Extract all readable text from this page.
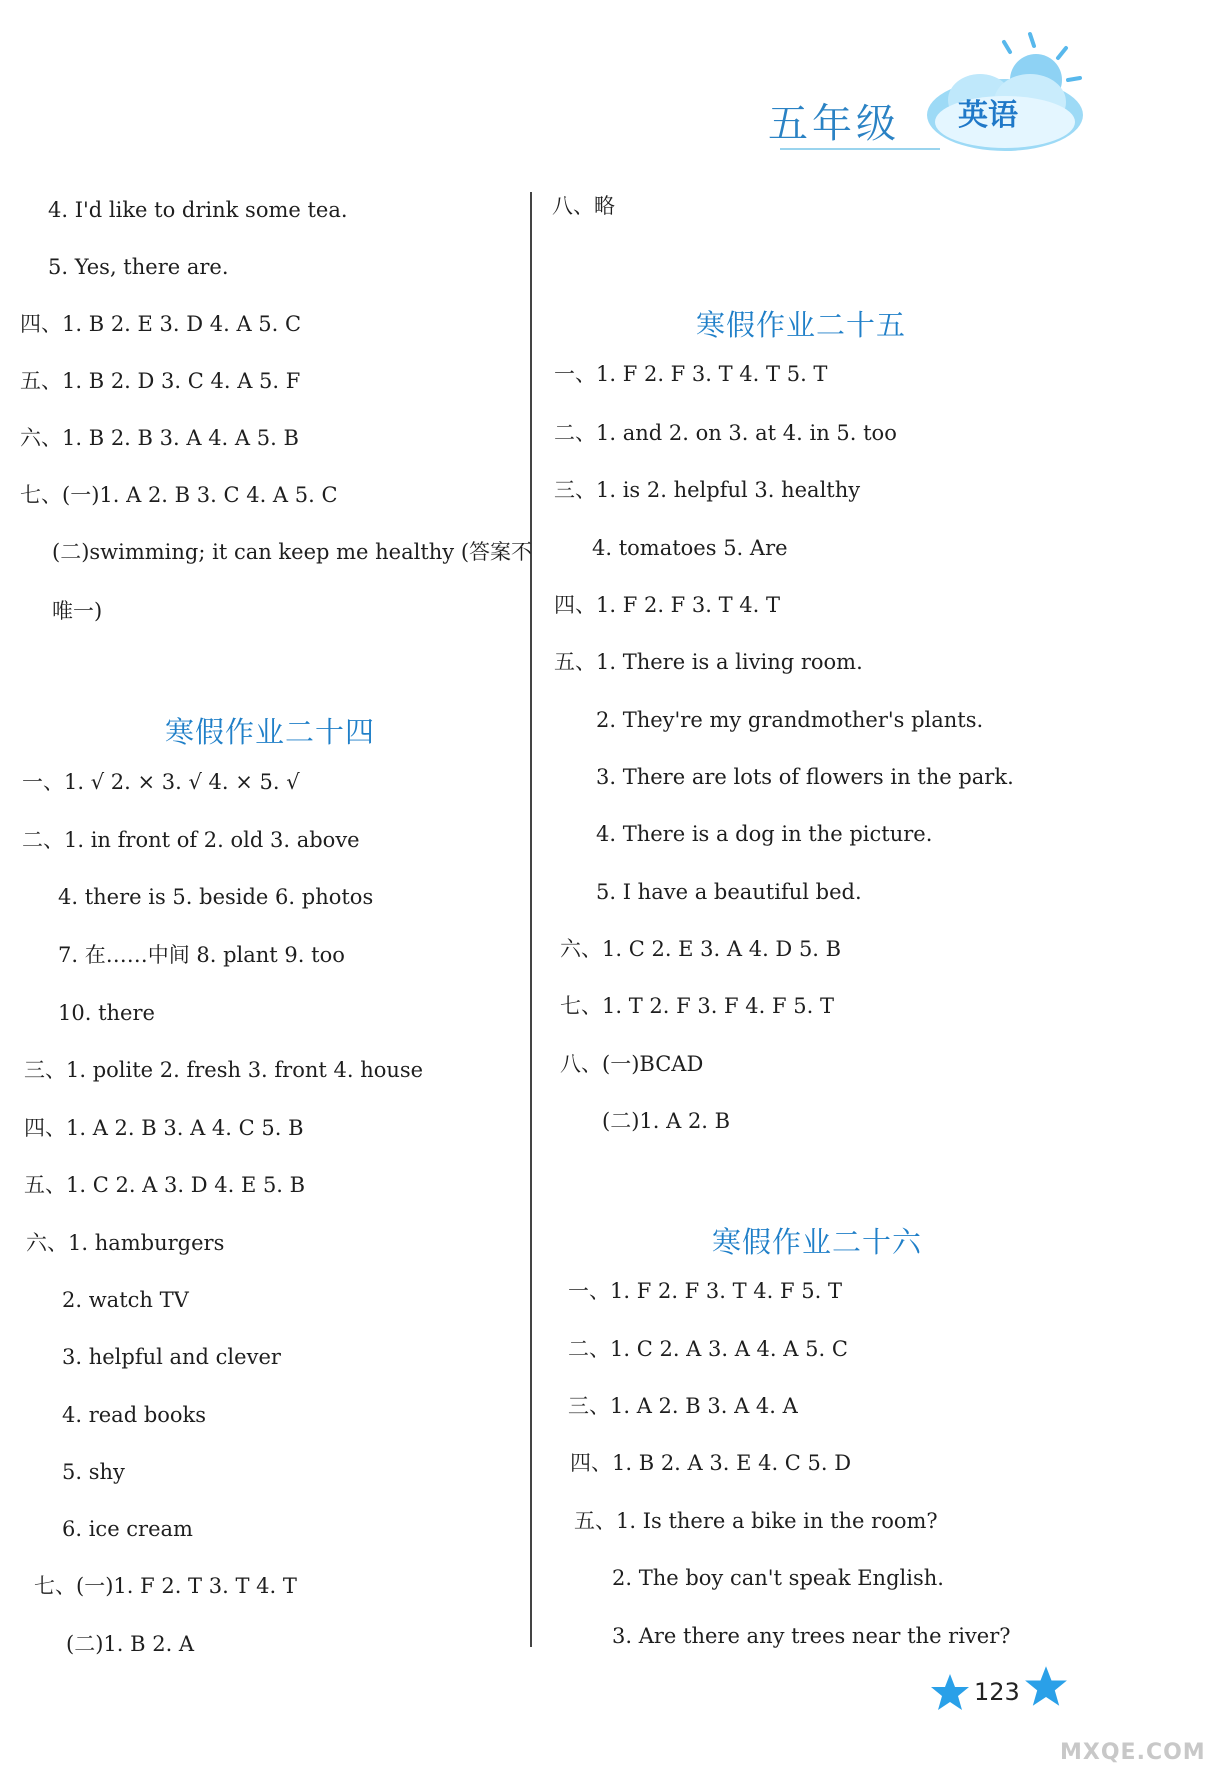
五年级 英语
4. I'd like to drink some tea.
5. Yes, there are.
四、1. B 2. E 3. D 4. A 5. C
五、1. B 2. D 3. C 4. A 5. F
六、1. B 2. B 3. A 4. A 5. B
七、(一)1. A 2. B 3. C 4. A 5. C
(二)swimming; it can keep me healthy (答案不
唯一)
寒假作业二十四
一、1. √ 2. × 3. √ 4. × 5. √
二、1. in front of 2. old 3. above
4. there is 5. beside 6. photos
7. 在……中间 8. plant 9. too
10. there
三、1. polite 2. fresh 3. front 4. house
四、1. A 2. B 3. A 4. C 5. B
五、1. C 2. A 3. D 4. E 5. B
六、1. hamburgers
2. watch TV
3. helpful and clever
4. read books
5. shy
6. ice cream
七、(一)1. F 2. T 3. T 4. T
(二)1. B 2. A
八、略
寒假作业二十五
一、1. F 2. F 3. T 4. T 5. T
二、1. and 2. on 3. at 4. in 5. too
三、1. is 2. helpful 3. healthy
4. tomatoes 5. Are
四、1. F 2. F 3. T 4. T
五、1. There is a living room.
2. They're my grandmother's plants.
3. There are lots of flowers in the park.
4. There is a dog in the picture.
5. I have a beautiful bed.
六、1. C 2. E 3. A 4. D 5. B
七、1. T 2. F 3. F 4. F 5. T
八、(一)BCAD
(二)1. A 2. B
寒假作业二十六
一、1. F 2. F 3. T 4. F 5. T
二、1. C 2. A 3. A 4. A 5. C
三、1. A 2. B 3. A 4. A
四、1. B 2. A 3. E 4. C 5. D
五、1. Is there a bike in the room?
2. The boy can't speak English.
3. Are there any trees near the river?
123
MXQE.COM
